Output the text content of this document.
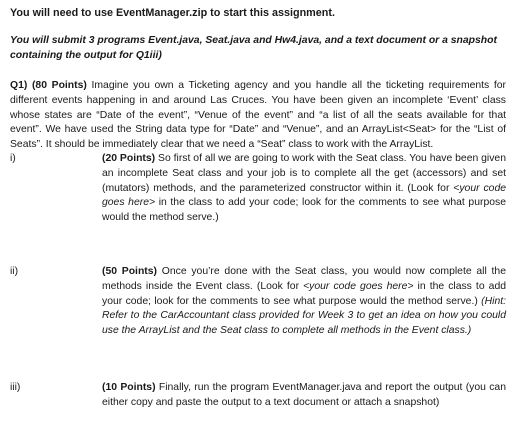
You will need to use EventManager.zip to start this assignment.
You will submit 3 programs Event.java, Seat.java and Hw4.java, and a text document or a snapshot containing the output for Q1iii)
Q1) (80 Points) Imagine you own a Ticketing agency and you handle all the ticketing requirements for different events happening in and around Las Cruces. You have been given an incomplete ‘Event’ class whose states are “Date of the event”, “Venue of the event” and “a list of all the seats available for that event”. We have used the String data type for “Date” and “Venue”, and an ArrayList<Seat> for the “List of Seats”. It should be immediately clear that we need a “Seat” class to work with the ArrayList.
i)	(20 Points) So first of all we are going to work with the Seat class. You have been given an incomplete Seat class and your job is to complete all the get (accessors) and set (mutators) methods, and the parameterized constructor within it. (Look for <your code goes here> in the class to add your code; look for the comments to see what purpose would the method serve.)
ii)	(50 Points) Once you’re done with the Seat class, you would now complete all the methods inside the Event class. (Look for <your code goes here> in the class to add your code; look for the comments to see what purpose would the method serve.) (Hint: Refer to the CarAccountant class provided for Week 3 to get an idea on how you could use the ArrayList and the Seat class to complete all methods in the Event class.)
iii)	(10 Points) Finally, run the program EventManager.java and report the output (you can either copy and paste the output to a text document or attach a snapshot)
